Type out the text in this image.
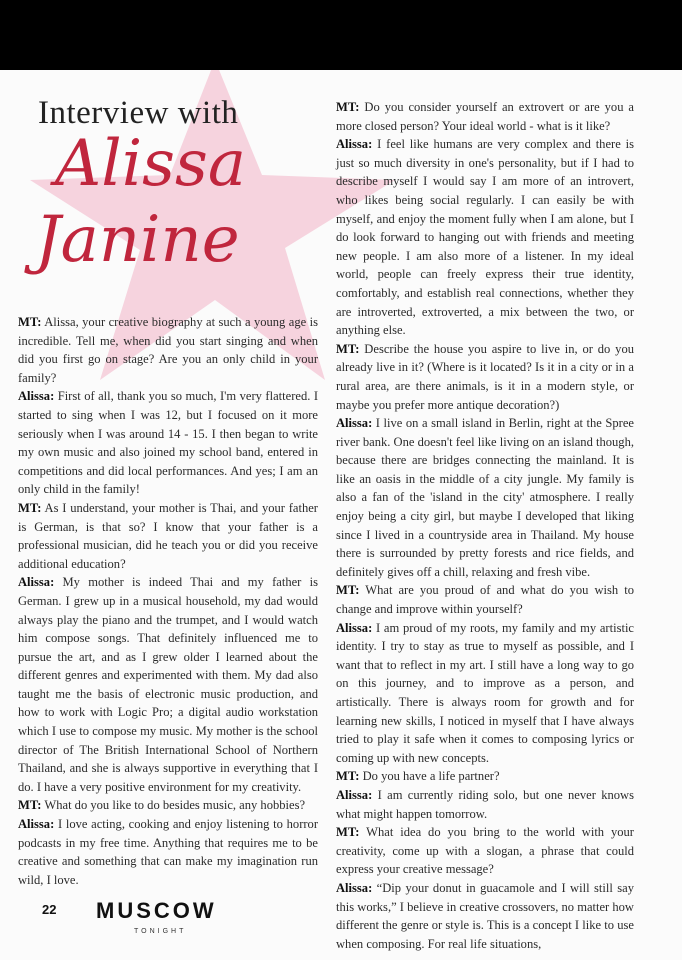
Interview with
Alissa
Janine

MT: Alissa, your creative biography at such a young age is incredible. Tell me, when did you start singing and when did you first go on stage? Are you an only child in your family?

Alissa: First of all, thank you so much, I'm very flattered. I started to sing when I was 12, but I focused on it more seriously when I was around 14 - 15. I then began to write my own music and also joined my school band, entered in competitions and did local performances. And yes; I am an only child in the family!

MT: As I understand, your mother is Thai, and your father is German, is that so? I know that your father is a professional musician, did he teach you or did you receive additional education?

Alissa: My mother is indeed Thai and my father is German. I grew up in a musical household, my dad would always play the piano and the trumpet, and I would watch him compose songs. That definitely influenced me to pursue the art, and as I grew older I learned about the different genres and experimented with them. My dad also taught me the basis of electronic music production, and how to work with Logic Pro; a digital audio workstation which I use to compose my music. My mother is the school director of The British International School of Northern Thailand, and she is always supportive in everything that I do. I have a very positive environment for my creativity.

MT: What do you like to do besides music, any hobbies?

Alissa: I love acting, cooking and enjoy listening to horror podcasts in my free time. Anything that requires me to be creative and something that can make my imagination run wild, I love.

MT: Do you consider yourself an extrovert or are you a more closed person? Your ideal world - what is it like?

Alissa: I feel like humans are very complex and there is just so much diversity in one's personality, but if I had to describe myself I would say I am more of an introvert, who likes being social regularly. I can easily be with myself, and enjoy the moment fully when I am alone, but I do look forward to hanging out with friends and meeting new people. I am also more of a listener. In my ideal world, people can freely express their true identity, comfortably, and establish real connections, whether they are introverted, extroverted, a mix between the two, or anything else.

MT: Describe the house you aspire to live in, or do you already live in it? (Where is it located? Is it in a city or in a rural area, are there animals, is it in a modern style, or maybe you prefer more antique decoration?)

Alissa: I live on a small island in Berlin, right at the Spree river bank. One doesn't feel like living on an island though, because there are bridges connecting the mainland. It is like an oasis in the middle of a city jungle. My family is also a fan of the 'island in the city' atmosphere. I really enjoy being a city girl, but maybe I developed that liking since I lived in a countryside area in Thailand. My house there is surrounded by pretty forests and rice fields, and definitely gives off a chill, relaxing and fresh vibe.

MT: What are you proud of and what do you wish to change and improve within yourself?

Alissa: I am proud of my roots, my family and my artistic identity. I try to stay as true to myself as possible, and I want that to reflect in my art. I still have a long way to go on this journey, and to improve as a person, and artistically. There is always room for growth and for learning new skills, I noticed in myself that I have always tried to play it safe when it comes to composing lyrics or coming up with new concepts.

MT: Do you have a life partner?

Alissa: I am currently riding solo, but one never knows what might happen tomorrow.

MT: What idea do you bring to the world with your creativity, come up with a slogan, a phrase that could express your creative message?

Alissa: “Dip your donut in guacamole and I will still say this works,” I believe in creative crossovers, no matter how different the genre or style is. This is a concept I like to use when composing. For real life situations,

22 MUSCOW
TONIGHT
